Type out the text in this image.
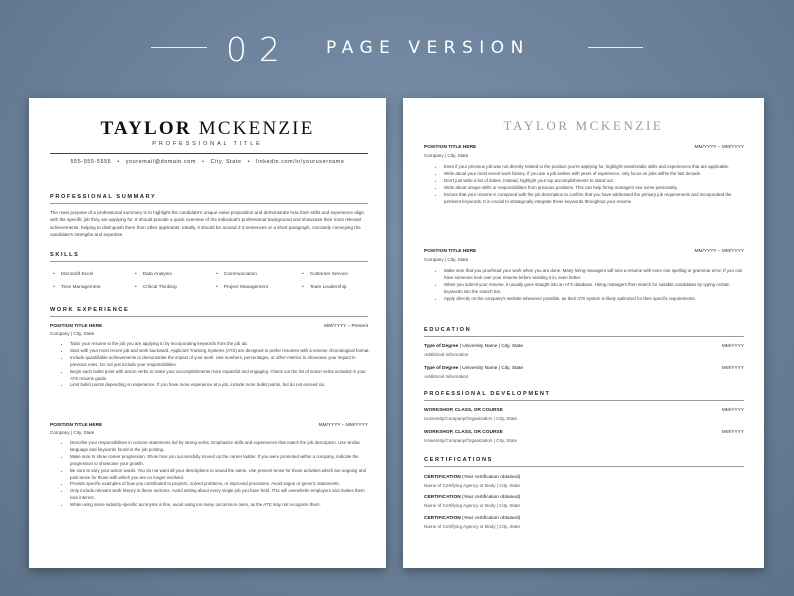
02 PAGE VERSION
TAYLOR MCKENZIE
PROFESSIONAL TITLE
555-555-5555 • youremail@domain.com • City, State • linkedin.com/in/yourusername
PROFESSIONAL SUMMARY
The main purpose of a professional summary is to highlight the candidate's unique value proposition and demonstrate how their skills and experience align with the specific job they are applying for. It should provide a quick overview of the individual's professional background and showcase their most relevant achievements, helping to distinguish them from other applicants. Ideally, it should be around 2-3 sentences or a short paragraph, concisely conveying the candidate's strengths and expertise.
SKILLS
• Microsoft Excel	• Data Analysis	• Communication	• Customer Service
• Time Management	• Critical Thinking	• Project Management	• Team Leadership
WORK EXPERIENCE
POSITION TITLE HERE	MM/YYYY – Present
Company | City, State
• Tailor your resume to the job you are applying to by incorporating keywords from the job ad.
• Start with your most recent job and work backward. Applicant Tracking Systems (ATS) are designed to prefer resumes with a reverse chronological format.
• Include quantifiable achievements to demonstrate the impact of your work. Use numbers, percentages, or other metrics to showcase your impact in previous roles. Do not just include your responsibilities.
• Begin each bullet point with action verbs to make your accomplishments more impactful and engaging. Check out the list of action verbs included in your ATS resume guide.
• Limit bullet points depending on experience. If you have more experience at a job, include more bullet points, but do not exceed six.
POSITION TITLE HERE	MM/YYYY – MM/YYYY
Company | City, State
• Describe your responsibilities in concise statements led by strong verbs. Emphasize skills and experiences that match the job description. Use similar language and keywords found in the job posting.
• Make sure to show career progression. Show how you successfully moved up the career ladder. If you were promoted within a company, indicate the progression to showcase your growth.
• Be sure to vary your action words. You do not want all your descriptions to sound the same. Use present tense for those activities which are ongoing and past tense for those with which you are no longer involved.
• Provide specific examples of how you contributed to projects, solved problems, or improved processes. Avoid vague or generic statements.
• Only include relevant work history in these sections. Avoid writing about every single job you have held. This will overwhelm employers and makes them lose interest.
• While using some industry-specific acronyms is fine, avoid using too many uncommon ones, as the ATS may not recognize them.
TAYLOR MCKENZIE
POSITION TITLE HERE	MM/YYYY – MM/YYYY
Company | City, State
• Even if your previous job was not directly related to the position you're applying for, highlight transferable skills and experiences that are applicable.
• Write about your most recent work history. If you are a job seeker with years of experience, only focus on jobs within the last decade.
• Don't just write a list of duties. Instead, highlight your top accomplishments to stand out.
• Write about unique skills or responsibilities from previous positions. This can help hiring managers see some personality.
• Ensure that your resume is compared with the job description to confirm that you have addressed the primary job requirements and incorporated the pertinent keywords. It is crucial to strategically integrate these keywords throughout your resume.
POSITION TITLE HERE	MM/YYYY – MM/YYYY
Company | City, State
• Make sure that you proofread your work when you are done. Many hiring managers will toss a resume with even one spelling or grammar error. If you can have someone look over your resume before sending it in, even better.
• When you submit your resume, it usually goes straight into an ATS database. Hiring managers then search for suitable candidates by typing certain keywords into the search bar.
• Apply directly on the company's website whenever possible, as their ATS system is likely optimized for their specific requirements.
EDUCATION
Type of Degree | University Name | City, State	MM/YYYY
Additional Information
Type of Degree | University Name | City, State	MM/YYYY
Additional Information
PROFESSIONAL DEVELOPMENT
WORKSHOP, CLASS, OR COURSE	MM/YYYY
University/Company/Organization | City, State
WORKSHOP, CLASS, OR COURSE	MM/YYYY
University/Company/Organization | City, State
CERTIFICATIONS
CERTIFICATION (Year certification obtained)
Name of Certifying Agency or Body | City, State
CERTIFICATION (Year certification obtained)
Name of Certifying Agency or Body | City, State
CERTIFICATION (Year certification obtained)
Name of Certifying Agency or Body | City, State
